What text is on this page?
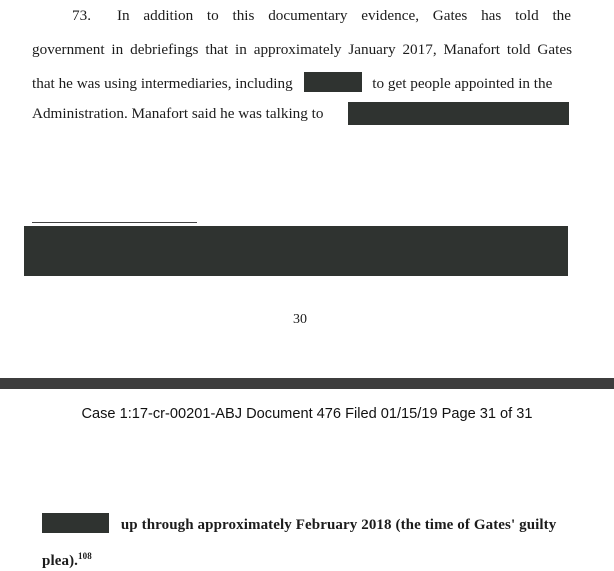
73. In addition to this documentary evidence, Gates has told the
government in debriefings that in approximately January 2017, Manafort told Gates
that he was using intermediaries, including	to get people appointed in the
Administration. Manafort said he was talking to
30
Case 1:17-cr-00201-ABJ Document 476 Filed 01/15/19 Page 31 of 31
up through approximately February 2018 (the time of Gates' guilty
plea).$^{108}$
